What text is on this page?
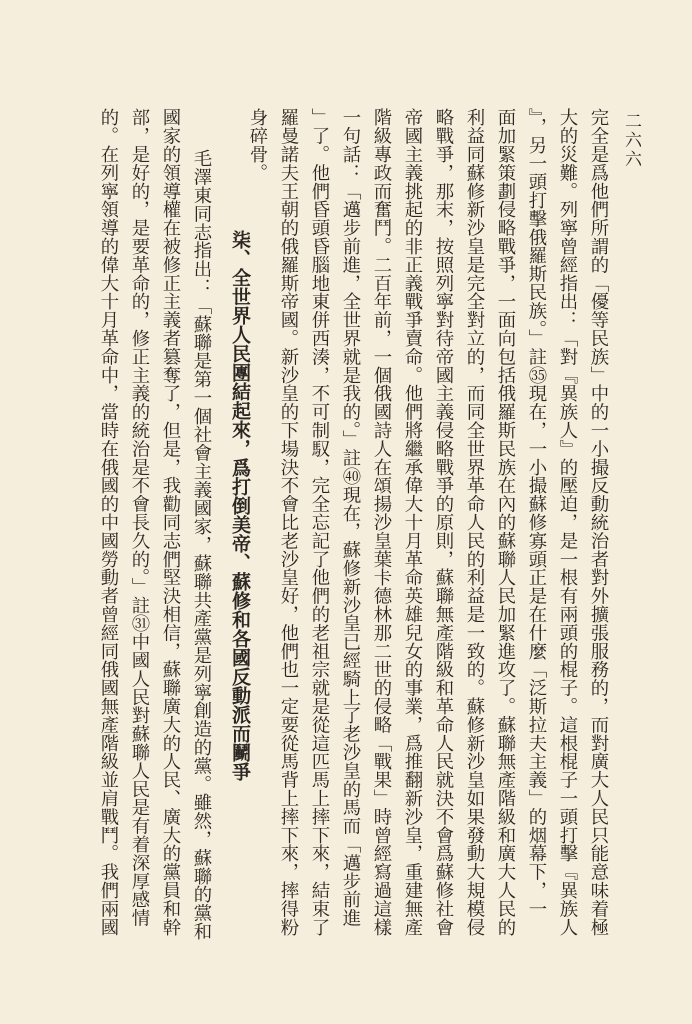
二六六
完全是爲他們所謂的「優等民族」中的一小撮反動統治者對外擴張服務的，而對廣大人民只能意味着極
大的災難。列寧曾經指出：「對『異族人』的壓迫，是一根有兩頭的棍子。這根棍子一頭打擊『異族人
』，另一頭打擊俄羅斯民族。」註㉟現在，一小撮蘇修寡頭正是在什麼「泛斯拉夫主義」的烟幕下，一
面加緊策劃侵略戰爭，一面向包括俄羅斯民族在內的蘇聯人民加緊進攻了。蘇聯無產階級和廣大人民的
利益同蘇修新沙皇是完全對立的，而同全世界革命人民的利益是一致的。蘇修新沙皇如果發動大規模侵
略戰爭，那末，按照列寧對待帝國主義侵略戰爭的原則，蘇聯無產階級和革命人民就決不會爲蘇修社會
帝國主義挑起的非正義戰爭賣命。他們將繼承偉大十月革命英雄兒女的事業，爲推翻新沙皇，重建無產
階級專政而奮鬥。二百年前，一個俄國詩人在頌揚沙皇葉卡德林那二世的侵略「戰果」時曾經寫過這樣
一句話：「邁步前進，全世界就是我的。」註㊵現在，蘇修新沙皇已經騎上了老沙皇的馬而「邁步前進
」了。他們昏頭昏腦地東併西湊，不可制馭，完全忘記了他們的老祖宗就是從這匹馬上摔下來，結束了
羅曼諾夫王朝的俄羅斯帝國。新沙皇的下場決不會比老沙皇好，他們也一定要從馬背上摔下來，摔得粉
身碎骨。
柒、全世界人民團結起來，爲打倒美帝、蘇修和各國反動派而鬭爭
毛澤東同志指出：「蘇聯是第一個社會主義國家，蘇聯共產黨是列寧創造的黨。雖然，蘇聯的黨和
國家的領導權在被修正主義者篡奪了，但是，我勸同志們堅決相信，蘇聯廣大的人民、廣大的黨員和幹
部，是好的，是要革命的，修正主義的統治是不會長久的。」註㉛中國人民對蘇聯人民是有着深厚感情
的。在列寧領導的偉大十月革命中，當時在俄國的中國勞動者曾經同俄國無產階級並肩戰鬥。我們兩國
